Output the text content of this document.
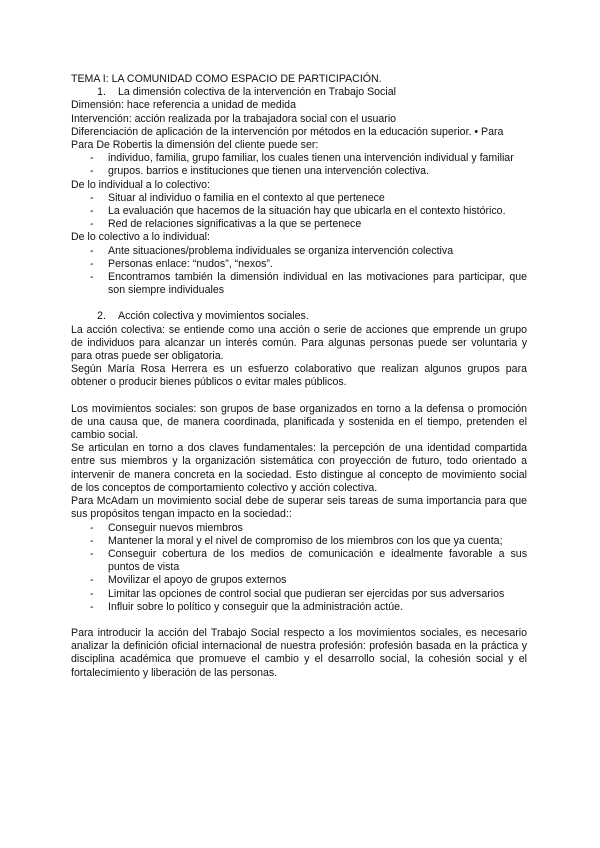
TEMA I: LA COMUNIDAD COMO ESPACIO DE PARTICIPACIÓN.

1.	La dimensión colectiva de la intervención en Trabajo Social

Dimensión: hace referencia a unidad de medida

Intervención: acción realizada por la trabajadora social con el usuario

Diferenciación de aplicación de la intervención por métodos en la educación superior. • Para Para De Robertis la dimensión del cliente puede ser:

-	individuo, familia, grupo familiar, los cuales tienen una intervención individual y familiar
-	grupos. barrios e instituciones que tienen una intervención colectiva.

De lo individual a lo colectivo:

-	Situar al individuo o familia en el contexto al que pertenece
-	La evaluación que hacemos de la situación hay que ubicarla en el contexto histórico.
-	Red de relaciones significativas a la que se pertenece

De lo colectivo a lo individual:

-	Ante situaciones/problema individuales se organiza intervención colectiva
-	Personas enlace: “nudos”, “nexos”.
-	Encontramos también la dimensión individual en las motivaciones para participar, que son siempre individuales
2.	Acción colectiva y movimientos sociales.

La acción colectiva: se entiende como una acción o serie de acciones que emprende un grupo de individuos para alcanzar un interés común. Para algunas personas puede ser voluntaria y para otras puede ser obligatoria.

Según María Rosa Herrera es un esfuerzo colaborativo que realizan algunos grupos para obtener o producir bienes públicos o evitar males públicos.

Los movimientos sociales: son grupos de base organizados en torno a la defensa o promoción de una causa que, de manera coordinada, planificada y sostenida en el tiempo, pretenden el cambio social.

Se articulan en torno a dos claves fundamentales: la percepción de una identidad compartida entre sus miembros y la organización sistemática con proyección de futuro, todo orientado a intervenir de manera concreta en la sociedad. Esto distingue al concepto de movimiento social de los conceptos de comportamiento colectivo y acción colectiva.

Para McAdam un movimiento social debe de superar seis tareas de suma importancia para que sus propósitos tengan impacto en la sociedad::

-	Conseguir nuevos miembros
-	Mantener la moral y el nivel de compromiso de los miembros con los que ya cuenta;
-	Conseguir cobertura de los medios de comunicación e idealmente favorable a sus puntos de vista
-	Movilizar el apoyo de grupos externos
-	Limitar las opciones de control social que pudieran ser ejercidas por sus adversarios
-	Influir sobre lo político y conseguir que la administración actúe.

Para introducir la acción del Trabajo Social respecto a los movimientos sociales, es necesario analizar la definición oficial internacional de nuestra profesión: profesión basada en la práctica y disciplina académica que promueve el cambio y el desarrollo social, la cohesión social y el fortalecimiento y liberación de las personas.
